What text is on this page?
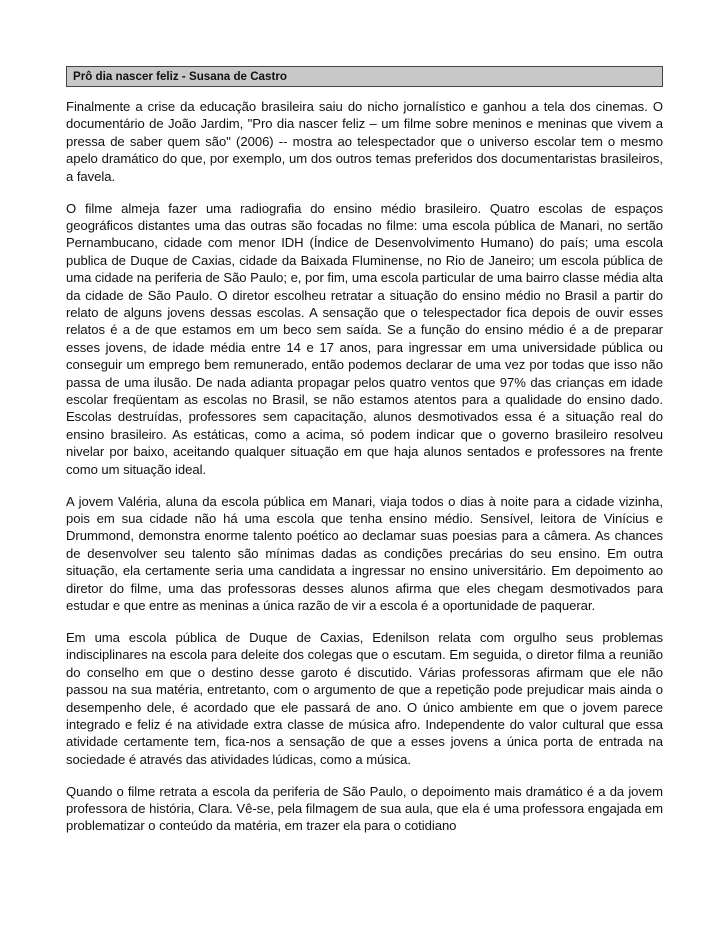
Prô dia nascer feliz - Susana de Castro

Finalmente a crise da educação brasileira saiu do nicho jornalístico e ganhou a tela dos cinemas. O documentário de João Jardim, "Pro dia nascer feliz – um filme sobre meninos e meninas que vivem a pressa de saber quem são" (2006) -- mostra ao telespectador que o universo escolar tem o mesmo apelo dramático do que, por exemplo, um dos outros temas preferidos dos documentaristas brasileiros, a favela.

O filme almeja fazer uma radiografia do ensino médio brasileiro. Quatro escolas de espaços geográficos distantes uma das outras são focadas no filme: uma escola pública de Manari, no sertão Pernambucano, cidade com menor IDH (Índice de Desenvolvimento Humano) do país; uma escola publica de Duque de Caxias, cidade da Baixada Fluminense, no Rio de Janeiro; um escola pública de uma cidade na periferia de São Paulo; e, por fim, uma escola particular de uma bairro classe média alta da cidade de São Paulo. O diretor escolheu retratar a situação do ensino médio no Brasil a partir do relato de alguns jovens dessas escolas. A sensação que o telespectador fica depois de ouvir esses relatos é a de que estamos em um beco sem saída. Se a função do ensino médio é a de preparar esses jovens, de idade média entre 14 e 17 anos, para ingressar em uma universidade pública ou conseguir um emprego bem remunerado, então podemos declarar de uma vez por todas que isso não passa de uma ilusão. De nada adianta propagar pelos quatro ventos que 97% das crianças em idade escolar freqüentam as escolas no Brasil, se não estamos atentos para a qualidade do ensino dado. Escolas destruídas, professores sem capacitação, alunos desmotivados essa é a situação real do ensino brasileiro. As estáticas, como a acima, só podem indicar que o governo brasileiro resolveu nivelar por baixo, aceitando qualquer situação em que haja alunos sentados e professores na frente como um situação ideal.

A jovem Valéria, aluna da escola pública em Manari, viaja todos o dias à noite para a cidade vizinha, pois em sua cidade não há uma escola que tenha ensino médio. Sensível, leitora de Vinícius e Drummond, demonstra enorme talento poético ao declamar suas poesias para a câmera. As chances de desenvolver seu talento são mínimas dadas as condições precárias do seu ensino. Em outra situação, ela certamente seria uma candidata a ingressar no ensino universitário. Em depoimento ao diretor do filme, uma das professoras desses alunos afirma que eles chegam desmotivados para estudar e que entre as meninas a única razão de vir a escola é a oportunidade de paquerar.

Em uma escola pública de Duque de Caxias, Edenilson relata com orgulho seus problemas indisciplinares na escola para deleite dos colegas que o escutam. Em seguida, o diretor filma a reunião do conselho em que o destino desse garoto é discutido. Várias professoras afirmam que ele não passou na sua matéria, entretanto, com o argumento de que a repetição pode prejudicar mais ainda o desempenho dele, é acordado que ele passará de ano. O único ambiente em que o jovem parece integrado e feliz é na atividade extra classe de música afro. Independente do valor cultural que essa atividade certamente tem, fica-nos a sensação de que a esses jovens a única porta de entrada na sociedade é através das atividades lúdicas, como a música.

Quando o filme retrata a escola da periferia de São Paulo, o depoimento mais dramático é a da jovem professora de história, Clara. Vê-se, pela filmagem de sua aula, que ela é uma professora engajada em problematizar o conteúdo da matéria, em trazer ela para o cotidiano
